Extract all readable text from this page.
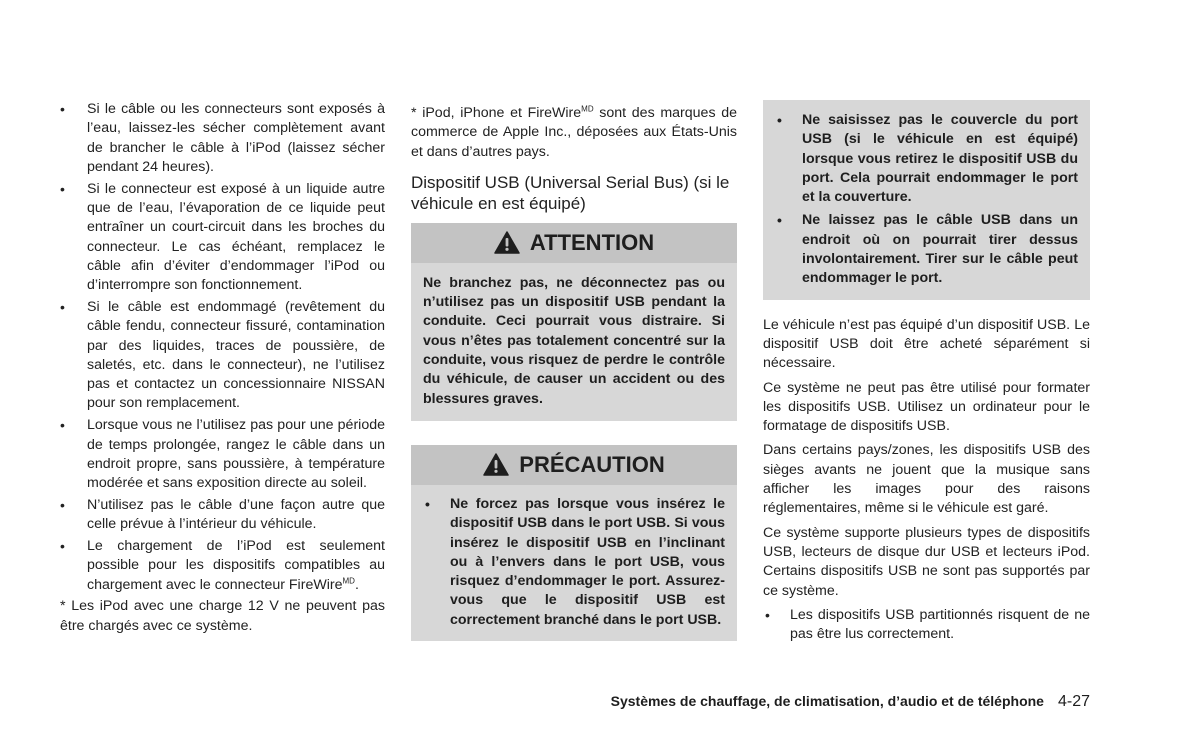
• Si le câble ou les connecteurs sont exposés à l’eau, laissez-les sécher complètement avant de brancher le câble à l’iPod (laissez sécher pendant 24 heures).
• Si le connecteur est exposé à un liquide autre que de l’eau, l’évaporation de ce liquide peut entraîner un court-circuit dans les broches du connecteur. Le cas échéant, remplacez le câble afin d’éviter d’endommager l’iPod ou d’interrompre son fonctionnement.
• Si le câble est endommagé (revêtement du câble fendu, connecteur fissuré, contamination par des liquides, traces de poussière, de saletés, etc. dans le connecteur), ne l’utilisez pas et contactez un concessionnaire NISSAN pour son remplacement.
• Lorsque vous ne l’utilisez pas pour une période de temps prolongée, rangez le câble dans un endroit propre, sans poussière, à température modérée et sans exposition directe au soleil.
• N’utilisez pas le câble d’une façon autre que celle prévue à l’intérieur du véhicule.
• Le chargement de l’iPod est seulement possible pour les dispositifs compatibles au chargement avec le connecteur FireWire$^{MD}$.

* Les iPod avec une charge 12 V ne peuvent pas être chargés avec ce système.

* iPod, iPhone et FireWire$^{MD}$ sont des marques de commerce de Apple Inc., déposées aux États-Unis et dans d’autres pays.

Dispositif USB (Universal Serial Bus) (si le véhicule en est équipé)
ATTENTION
Ne branchez pas, ne déconnectez pas ou n’utilisez pas un dispositif USB pendant la conduite. Ceci pourrait vous distraire. Si vous n’êtes pas totalement concentré sur la conduite, vous risquez de perdre le contrôle du véhicule, de causer un accident ou des blessures graves.
PRÉCAUTION
• Ne forcez pas lorsque vous insérez le dispositif USB dans le port USB. Si vous insérez le dispositif USB en l’inclinant ou à l’envers dans le port USB, vous risquez d’endommager le port. Assurez-vous que le dispositif USB est correctement branché dans le port USB.
• Ne saisissez pas le couvercle du port USB (si le véhicule en est équipé) lorsque vous retirez le dispositif USB du port. Cela pourrait endommager le port et la couverture.
• Ne laissez pas le câble USB dans un endroit où on pourrait tirer dessus involontairement. Tirer sur le câble peut endommager le port.

Le véhicule n’est pas équipé d’un dispositif USB. Le dispositif USB doit être acheté séparément si nécessaire.

Ce système ne peut pas être utilisé pour formater les dispositifs USB. Utilisez un ordinateur pour le formatage de dispositifs USB.

Dans certains pays/zones, les dispositifs USB des sièges avants ne jouent que la musique sans afficher les images pour des raisons réglementaires, même si le véhicule est garé.

Ce système supporte plusieurs types de dispositifs USB, lecteurs de disque dur USB et lecteurs iPod. Certains dispositifs USB ne sont pas supportés par ce système.

• Les dispositifs USB partitionnés risquent de ne pas être lus correctement.
Systèmes de chauffage, de climatisation, d’audio et de téléphone 4-27
